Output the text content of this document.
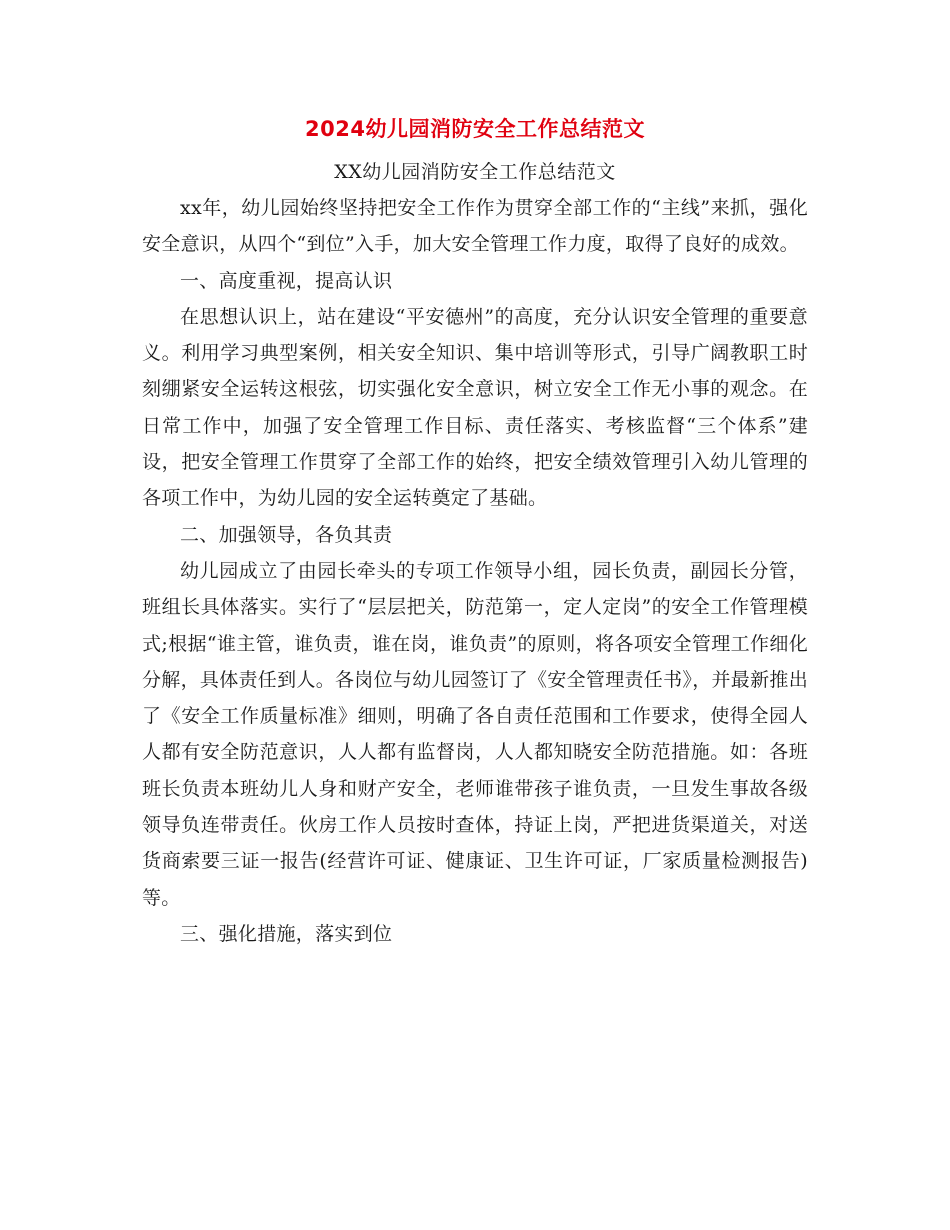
2024幼儿园消防安全工作总结范文

XX幼儿园消防安全工作总结范文

xx年，幼儿园始终坚持把安全工作作为贯穿全部工作的“主线”来抓，强化安全意识，从四个“到位”入手，加大安全管理工作力度，取得了良好的成效。

一、高度重视，提高认识

在思想认识上，站在建设“平安德州”的高度，充分认识安全管理的重要意义。利用学习典型案例，相关安全知识、集中培训等形式，引导广阔教职工时刻绷紧安全运转这根弦，切实强化安全意识，树立安全工作无小事的观念。在日常工作中，加强了安全管理工作目标、责任落实、考核监督“三个体系”建设，把安全管理工作贯穿了全部工作的始终，把安全绩效管理引入幼儿管理的各项工作中，为幼儿园的安全运转奠定了基础。

二、加强领导，各负其责

幼儿园成立了由园长牵头的专项工作领导小组，园长负责，副园长分管，班组长具体落实。实行了“层层把关，防范第一，定人定岗”的安全工作管理模式;根据“谁主管，谁负责，谁在岗，谁负责”的原则，将各项安全管理工作细化分解，具体责任到人。各岗位与幼儿园签订了《安全管理责任书》，并最新推出了《安全工作质量标准》细则，明确了各自责任范围和工作要求，使得全园人人都有安全防范意识，人人都有监督岗，人人都知晓安全防范措施。如：各班班长负责本班幼儿人身和财产安全，老师谁带孩子谁负责，一旦发生事故各级领导负连带责任。伙房工作人员按时查体，持证上岗，严把进货渠道关，对送货商索要三证一报告(经营许可证、健康证、卫生许可证，厂家质量检测报告)等。

三、强化措施，落实到位
